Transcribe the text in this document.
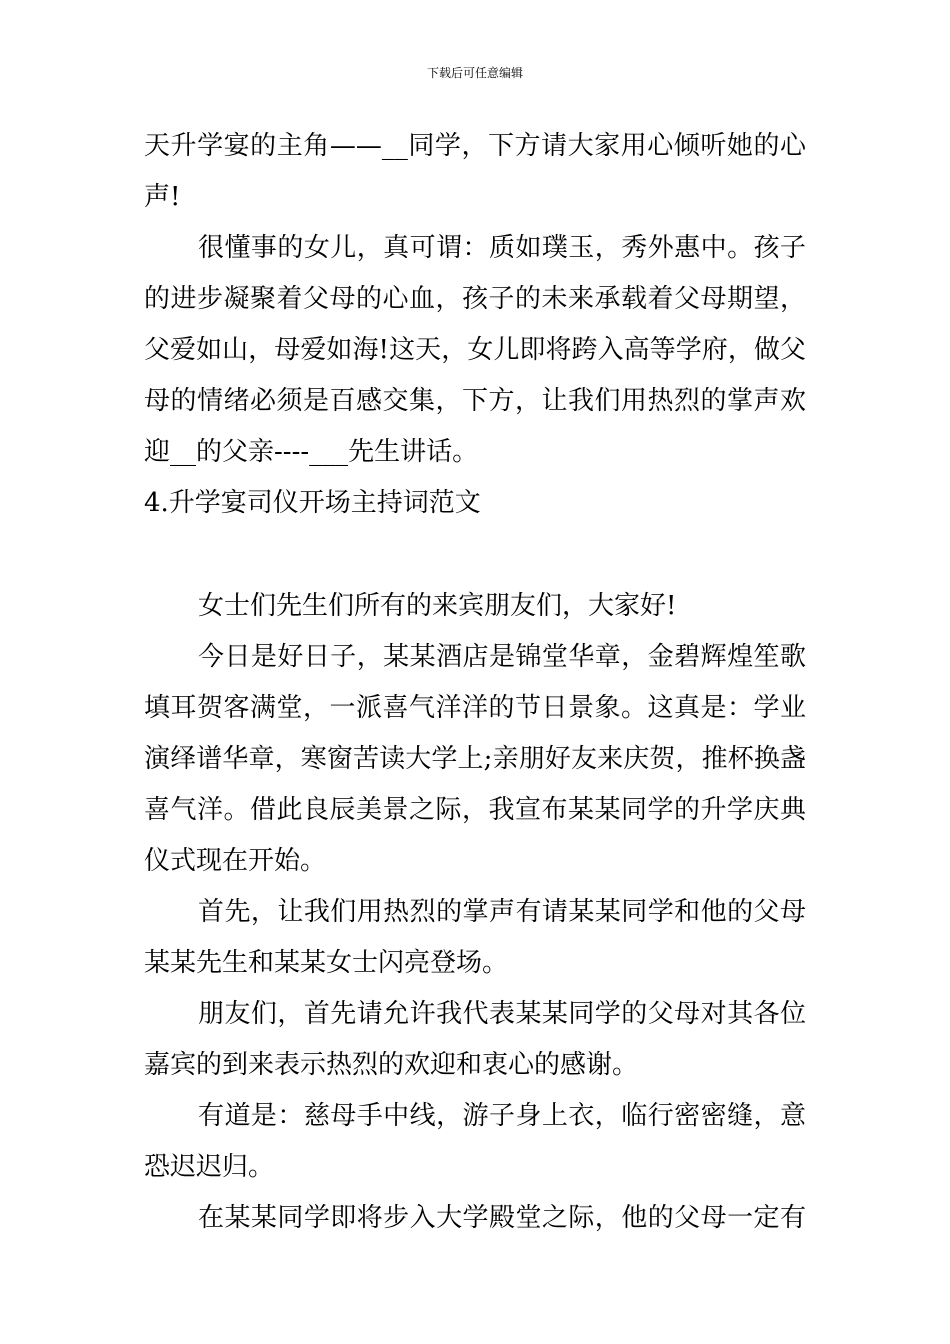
下载后可任意编辑
天升学宴的主角——__同学，下方请大家用心倾听她的心
声!
很懂事的女儿，真可谓：质如璞玉，秀外惠中。孩子
的进步凝聚着父母的心血，孩子的未来承载着父母期望，
父爱如山，母爱如海!这天，女儿即将跨入高等学府，做父
母的情绪必须是百感交集，下方，让我们用热烈的掌声欢
迎__的父亲----___先生讲话。
4.升学宴司仪开场主持词范文
女士们先生们所有的来宾朋友们，大家好!
今日是好日子，某某酒店是锦堂华章，金碧辉煌笙歌
填耳贺客满堂，一派喜气洋洋的节日景象。这真是：学业
演绎谱华章，寒窗苦读大学上;亲朋好友来庆贺，推杯换盏
喜气洋。借此良辰美景之际，我宣布某某同学的升学庆典
仪式现在开始。
首先，让我们用热烈的掌声有请某某同学和他的父母
某某先生和某某女士闪亮登场。
朋友们，首先请允许我代表某某同学的父母对其各位
嘉宾的到来表示热烈的欢迎和衷心的感谢。
有道是：慈母手中线，游子身上衣，临行密密缝，意
恐迟迟归。
在某某同学即将步入大学殿堂之际，他的父母一定有
